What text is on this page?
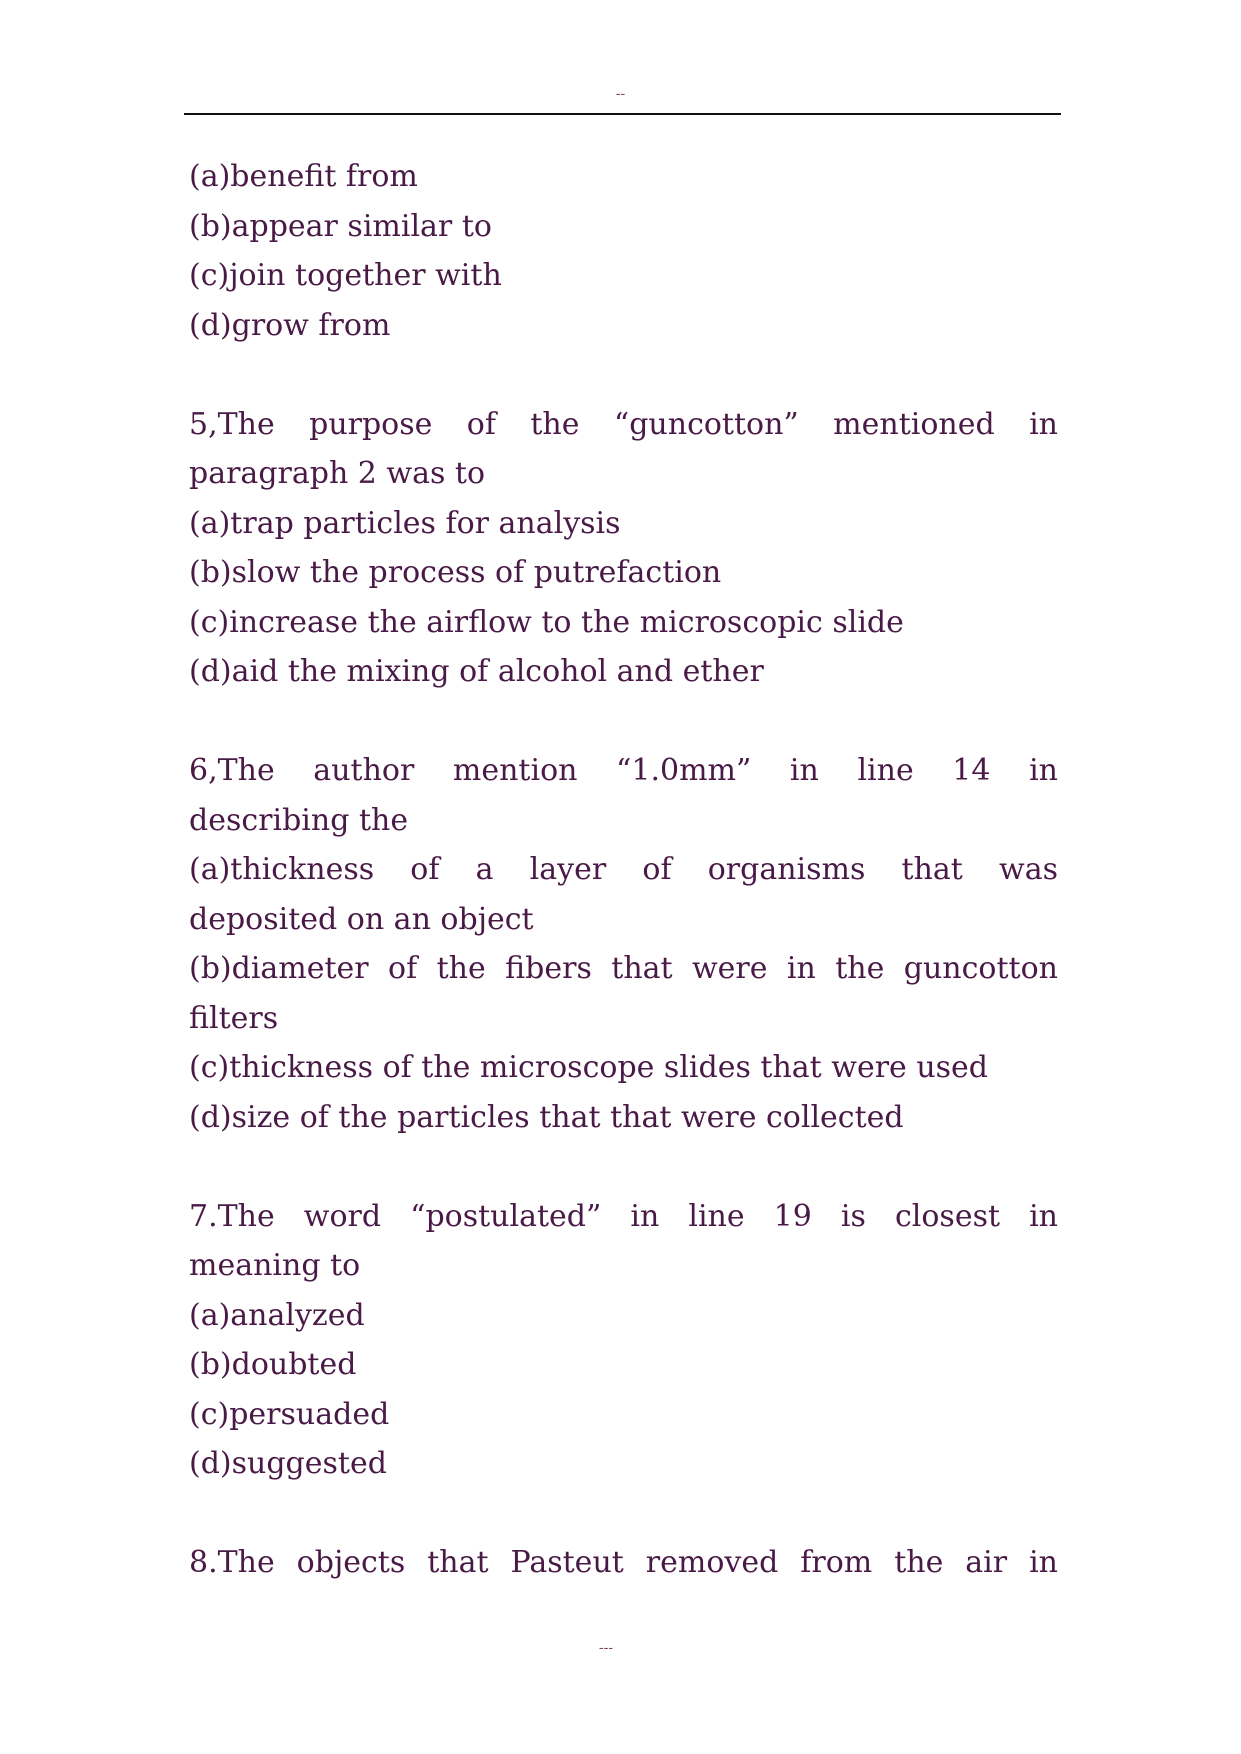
--
(a)benefit from
(b)appear similar to
(c)join together with
(d)grow from
5,The purpose of the “guncotton” mentioned in
paragraph 2 was to
(a)trap particles for analysis
(b)slow the process of putrefaction
(c)increase the airflow to the microscopic slide
(d)aid the mixing of alcohol and ether
6,The author mention “1.0mm” in line 14 in
describing the
(a)thickness of a layer of organisms that was
deposited on an object
(b)diameter of the fibers that were in the guncotton
filters
(c)thickness of the microscope slides that were used
(d)size of the particles that that were collected
7.The word “postulated” in line 19 is closest in
meaning to
(a)analyzed
(b)doubted
(c)persuaded
(d)suggested
8.The objects that Pasteut removed from the air in
---
